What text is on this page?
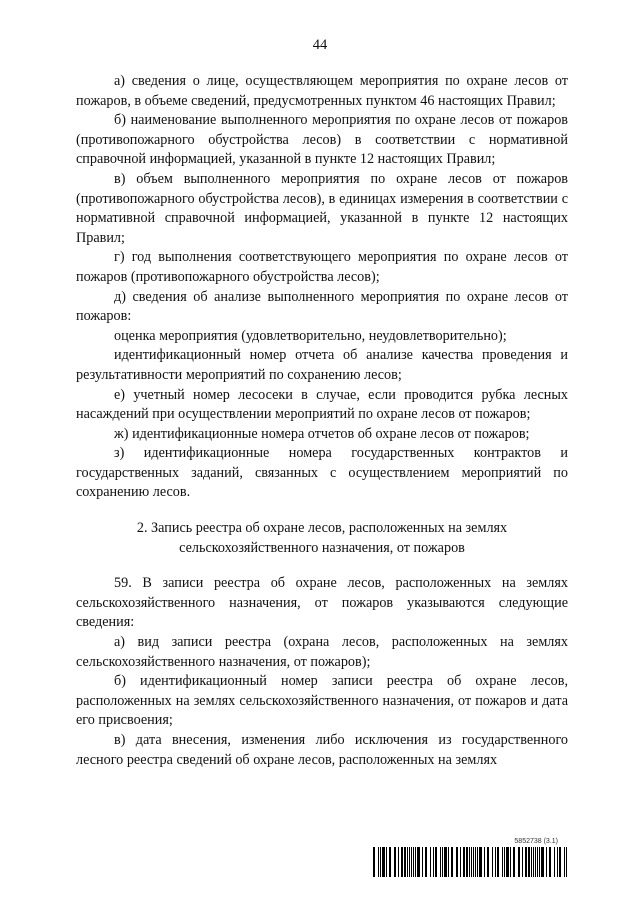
44

а) сведения о лице, осуществляющем мероприятия по охране лесов от пожаров, в объеме сведений, предусмотренных пунктом 46 настоящих Правил;

б) наименование выполненного мероприятия по охране лесов от пожаров (противопожарного обустройства лесов) в соответствии с нормативной справочной информацией, указанной в пункте 12 настоящих Правил;

в) объем выполненного мероприятия по охране лесов от пожаров (противопожарного обустройства лесов), в единицах измерения в соответствии с нормативной справочной информацией, указанной в пункте 12 настоящих Правил;

г) год выполнения соответствующего мероприятия по охране лесов от пожаров (противопожарного обустройства лесов);

д) сведения об анализе выполненного мероприятия по охране лесов от пожаров:

оценка мероприятия (удовлетворительно, неудовлетворительно);

идентификационный номер отчета об анализе качества проведения и результативности мероприятий по сохранению лесов;

е) учетный номер лесосеки в случае, если проводится рубка лесных насаждений при осуществлении мероприятий по охране лесов от пожаров;

ж) идентификационные номера отчетов об охране лесов от пожаров;

з) идентификационные номера государственных контрактов и государственных заданий, связанных с осуществлением мероприятий по сохранению лесов.

2. Запись реестра об охране лесов, расположенных на землях сельскохозяйственного назначения, от пожаров

59. В записи реестра об охране лесов, расположенных на землях сельскохозяйственного назначения, от пожаров указываются следующие сведения:

а) вид записи реестра (охрана лесов, расположенных на землях сельскохозяйственного назначения, от пожаров);

б) идентификационный номер записи реестра об охране лесов, расположенных на землях сельскохозяйственного назначения, от пожаров и дата его присвоения;

в) дата внесения, изменения либо исключения из государственного лесного реестра сведений об охране лесов, расположенных на землях

5852738 (3.1)
